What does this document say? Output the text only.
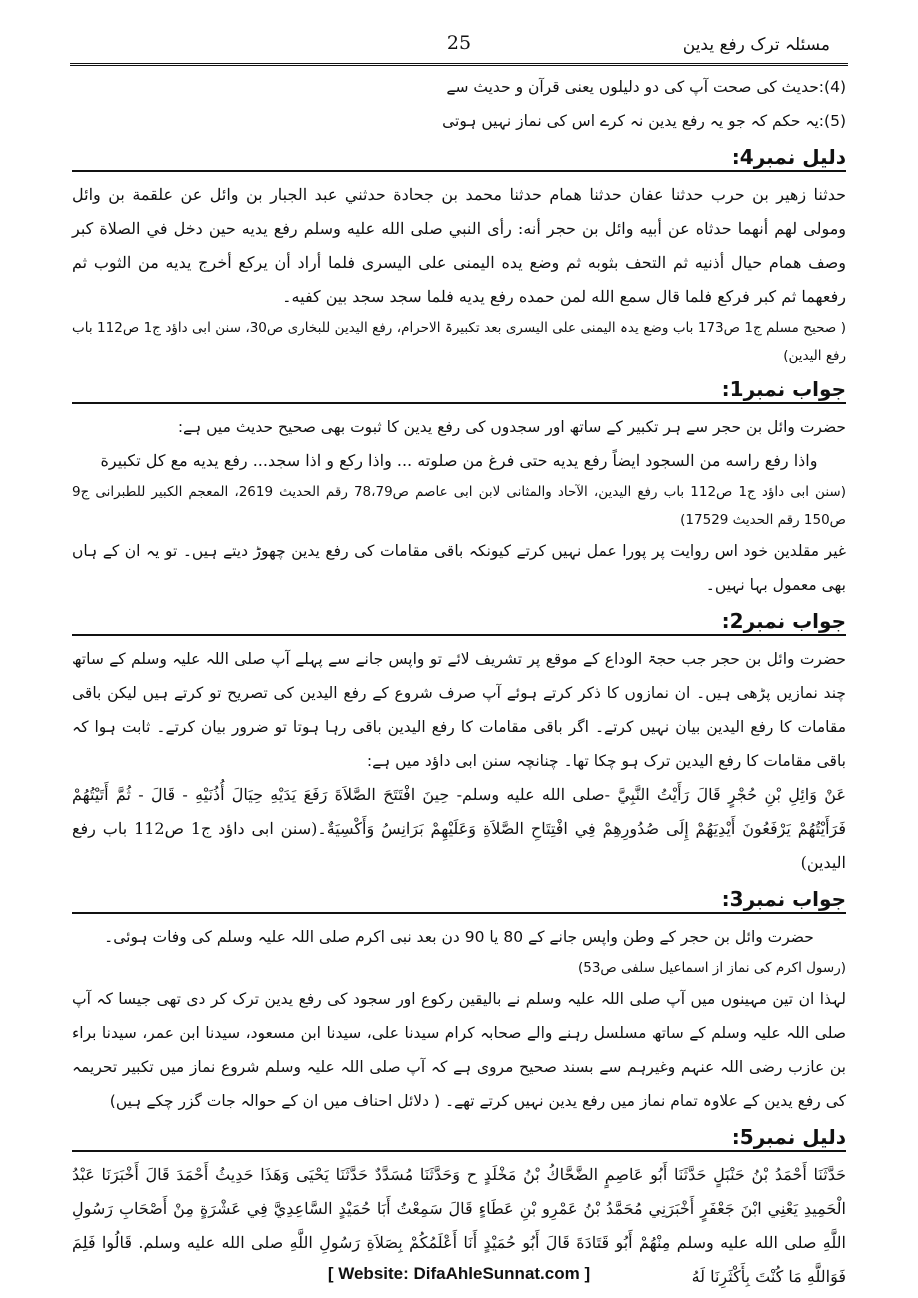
مسئلہ ترک رفع یدین
25

(4):حدیث کی صحت آپ کی دو دلیلوں یعنی قرآن و حدیث سے

(5):یہ حکم کہ جو یہ رفع یدین نہ کرے اس کی نماز نہیں ہوتی

دلیل نمبر4:

حدثنا زهير بن حرب حدثنا عفان حدثنا همام حدثنا محمد بن جحادة حدثني عبد الجبار بن وائل عن علقمة بن وائل ومولى لهم أنهما حدثاه عن أبيه وائل بن حجر أنه: رأى النبي صلى الله عليه وسلم رفع يديه حين دخل في الصلاة كبر وصف همام حيال أذنيه ثم التحف بثوبه ثم وضع يده اليمنى على اليسرى فلما أراد أن يركع أخرج يديه من الثوب ثم رفعهما ثم كبر فركع فلما قال سمع الله لمن حمده رفع يديه فلما سجد سجد بين كفيه۔

( صحیح مسلم ج1 ص173 باب وضع یدہ الیمنی علی الیسری بعد تکبیرۃ الاحرام، رفع الیدین للبخاری ص30، سنن ابی داؤد ج1 ص112 باب رفع الیدین)

جواب نمبر1:

حضرت وائل بن حجر سے ہر تکبیر کے ساتھ اور سجدوں کی رفع یدین کا ثبوت بھی صحیح حدیث میں ہے:

واذا رفع راسه من السجود ايضاً رفع يديه حتى فرغ من صلوته ... واذا ركع و اذا سجد... رفع يديه مع كل تكبيرة

(سنن ابی داؤد ج1 ص112 باب رفع الیدین، الآحاد والمثانی لابن ابی عاصم ص78،79 رقم الحدیث 2619، المعجم الکبیر للطبرانی ج9 ص150 رقم الحدیث 17529)

غیر مقلدین خود اس روایت پر پورا عمل نہیں کرتے کیونکہ باقی مقامات کی رفع یدین چھوڑ دیتے ہیں۔ تو یہ ان کے ہاں بھی معمول بہا نہیں۔

جواب نمبر2:

حضرت وائل بن حجر جب حجۃ الوداع کے موقع پر تشریف لائے تو واپس جانے سے پہلے آپ صلی اللہ علیہ وسلم کے ساتھ چند نمازیں پڑھی ہیں۔ ان نمازوں کا ذکر کرتے ہوئے آپ صرف شروع کے رفع الیدین کی تصریح تو کرتے ہیں لیکن باقی مقامات کا رفع الیدین بیان نہیں کرتے۔ اگر باقی مقامات کا رفع الیدین باقی رہا ہوتا تو ضرور بیان کرتے۔ ثابت ہوا کہ باقی مقامات کا رفع الیدین ترک ہو چکا تھا۔ چنانچہ سنن ابی داؤد میں ہے:

عَنْ وَائِلِ بْنِ حُجْرٍ قَالَ رَأَيْتُ النَّبِيَّ -صلى الله عليه وسلم- حِينَ افْتَتَحَ الصَّلاَةَ رَفَعَ يَدَيْهِ حِيَالَ أُذُنَيْهِ - قَالَ - ثُمَّ أَتَيْتُهُمْ فَرَأَيْتُهُمْ يَرْفَعُونَ أَيْدِيَهُمْ إِلَى صُدُورِهِمْ فِي افْتِتَاحِ الصَّلاَةِ وَعَلَيْهِمْ بَرَانِسُ وَأَكْسِيَةٌ۔(سنن ابی داؤد ج1 ص112 باب رفع الیدین)

جواب نمبر3:

حضرت وائل بن حجر کے وطن واپس جانے کے 80 یا 90 دن بعد نبی اکرم صلی اللہ علیہ وسلم کی وفات ہوئی۔

(رسول اکرم کی نماز از اسماعیل سلفی ص53)

لہذا ان تین مہینوں میں آپ صلی اللہ علیہ وسلم نے بالیقین رکوع اور سجود کی رفع یدین ترک کر دی تھی جیسا کہ آپ صلی اللہ علیہ وسلم کے ساتھ مسلسل رہنے والے صحابہ کرام سیدنا علی، سیدنا ابن مسعود، سیدنا ابن عمر، سیدنا براء بن عازب رضی اللہ عنہم وغیرہم سے بسند صحیح مروی ہے کہ آپ صلی اللہ علیہ وسلم شروع نماز میں تکبیر تحریمہ کی رفع یدین کے علاوہ تمام نماز میں رفع یدین نہیں کرتے تھے۔ ( دلائل احناف میں ان کے حوالہ جات گزر چکے ہیں)

دلیل نمبر5:

حَدَّثَنَا أَحْمَدُ بْنُ حَنْبَلٍ حَدَّثَنَا أَبُو عَاصِمٍ الضَّحَّاكُ بْنُ مَخْلَدٍ ح وَحَدَّثَنَا مُسَدَّدٌ حَدَّثَنَا يَحْيَى وَهَذَا حَدِيثُ أَحْمَدَ قَالَ أَخْبَرَنَا عَبْدُ الْحَمِيدِ يَعْنِي ابْنَ جَعْفَرٍ أَخْبَرَنِي مُحَمَّدُ بْنُ عَمْرِو بْنِ عَطَاءٍ قَالَ سَمِعْتُ أَبَا حُمَيْدٍ السَّاعِدِيَّ فِي عَشْرَةٍ مِنْ أَصْحَابِ رَسُولِ اللَّهِ صلى الله عليه وسلم مِنْهُمْ أَبُو قَتَادَةَ قَالَ أَبُو حُمَيْدٍ أَنَا أَعْلَمُكُمْ بِصَلاَةِ رَسُولِ اللَّهِ صلى الله عليه وسلم. قَالُوا فَلِمَ فَوَاللَّهِ مَا كُنْتَ بِأَكْثَرِنَا لَهُ

[ Website: DifaAhleSunnat.com ]
